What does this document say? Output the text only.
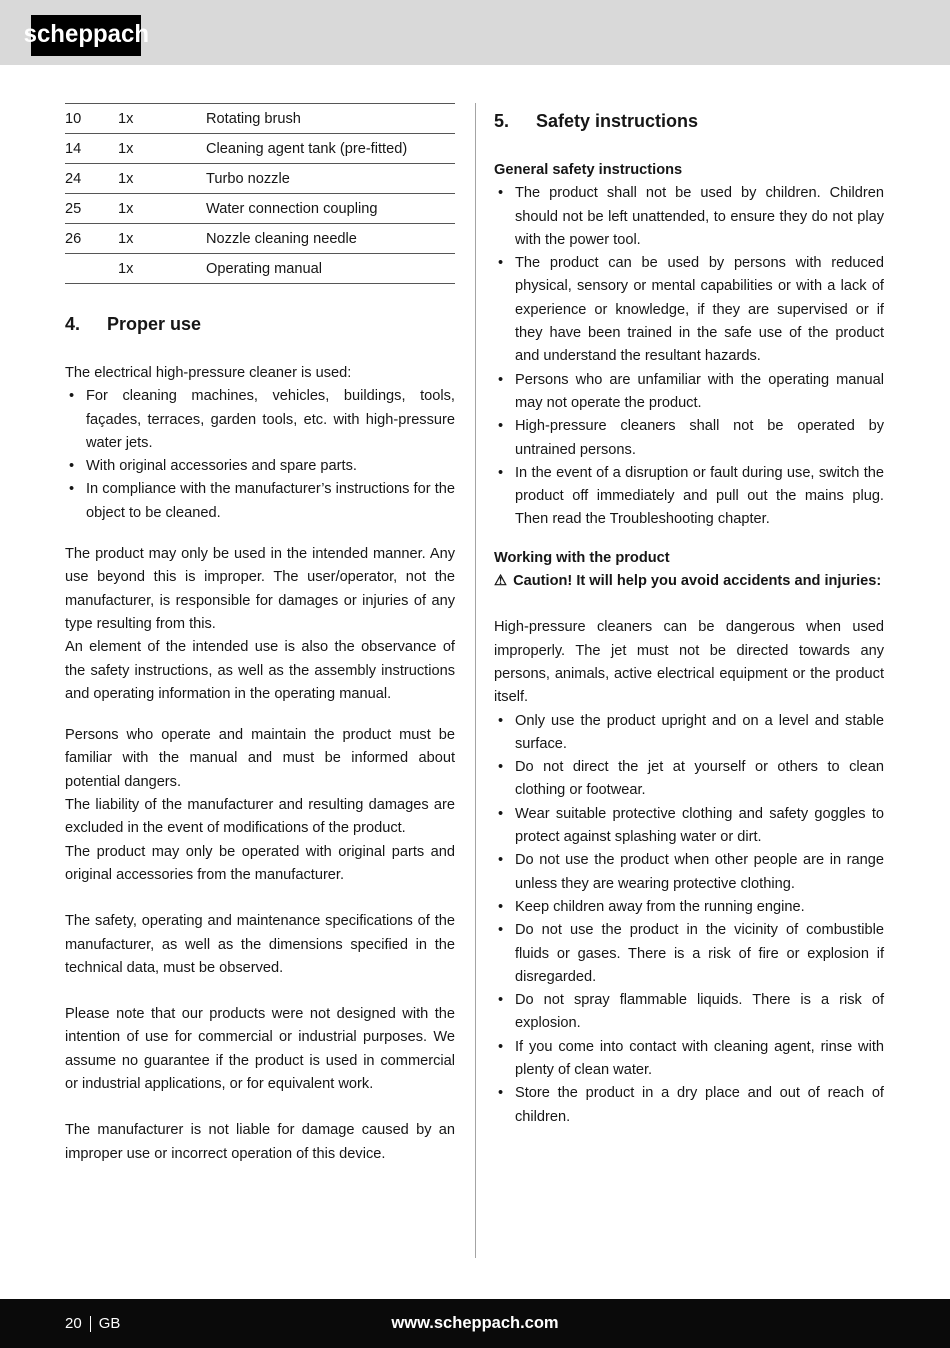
scheppach
10	1x	Rotating brush
14	1x	Cleaning agent tank (pre-fitted)
24	1x	Turbo nozzle
25	1x	Water connection coupling
26	1x	Nozzle cleaning needle
	1x	Operating manual
4.	Proper use

The electrical high-pressure cleaner is used:

• For cleaning machines, vehicles, buildings, tools, façades, terraces, garden tools, etc. with high-pressure water jets.
• With original accessories and spare parts.
• In compliance with the manufacturer’s instructions for the object to be cleaned.

The product may only be used in the intended manner. Any use beyond this is improper. The user/operator, not the manufacturer, is responsible for damages or injuries of any type resulting from this.

An element of the intended use is also the observance of the safety instructions, as well as the assembly instructions and operating information in the operating manual.

Persons who operate and maintain the product must be familiar with the manual and must be informed about potential dangers.

The liability of the manufacturer and resulting damages are excluded in the event of modifications of the product.

The product may only be operated with original parts and original accessories from the manufacturer.

The safety, operating and maintenance specifications of the manufacturer, as well as the dimensions specified in the technical data, must be observed.

Please note that our products were not designed with the intention of use for commercial or industrial purposes. We assume no guarantee if the product is used in commercial or industrial applications, or for equivalent work.

The manufacturer is not liable for damage caused by an improper use or incorrect operation of this device.

5.	Safety instructions

General safety instructions

• The product shall not be used by children. Children should not be left unattended, to ensure they do not play with the power tool.
• The product can be used by persons with reduced physical, sensory or mental capabilities or with a lack of experience or knowledge, if they are supervised or if they have been trained in the safe use of the product and understand the resultant hazards.
• Persons who are unfamiliar with the operating manual may not operate the product.
• High-pressure cleaners shall not be operated by untrained persons.
• In the event of a disruption or fault during use, switch the product off immediately and pull out the mains plug. Then read the Troubleshooting chapter.

Working with the product

⚠ Caution! It will help you avoid accidents and injuries:

High-pressure cleaners can be dangerous when used improperly. The jet must not be directed towards any persons, animals, active electrical equipment or the product itself.

• Only use the product upright and on a level and stable surface.
• Do not direct the jet at yourself or others to clean clothing or footwear.
• Wear suitable protective clothing and safety goggles to protect against splashing water or dirt.
• Do not use the product when other people are in range unless they are wearing protective clothing.
• Keep children away from the running engine.
• Do not use the product in the vicinity of combustible fluids or gases. There is a risk of fire or explosion if disregarded.
• Do not spray flammable liquids. There is a risk of explosion.
• If you come into contact with cleaning agent, rinse with plenty of clean water.
• Store the product in a dry place and out of reach of children.
20 GB	www.scheppach.com
